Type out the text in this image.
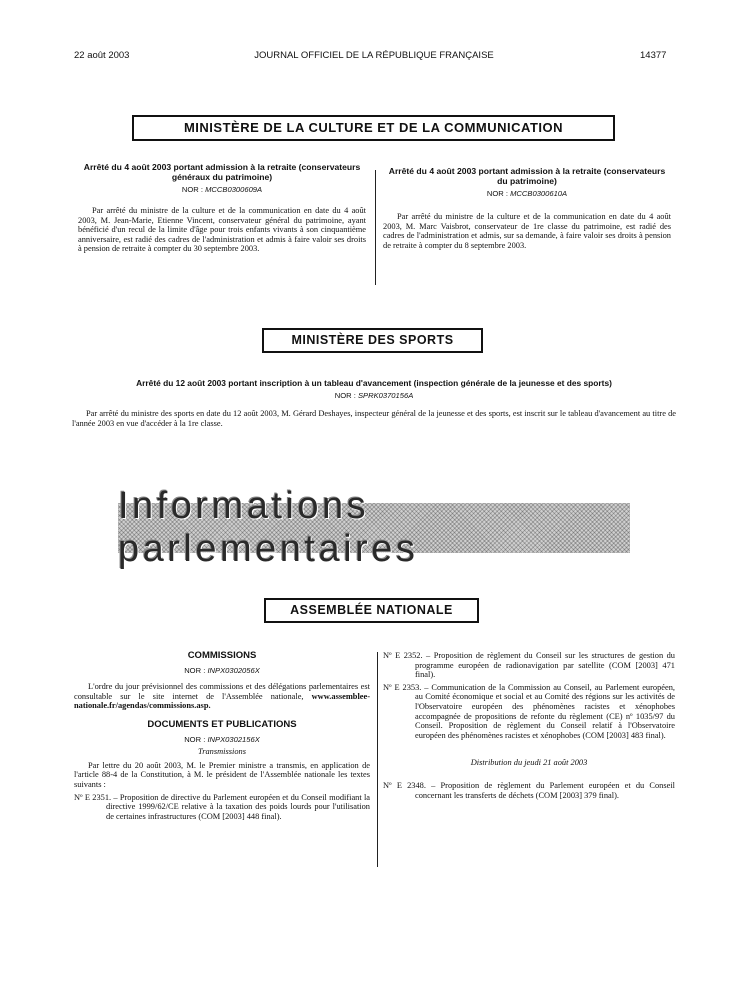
22 août 2003	JOURNAL OFFICIEL DE LA RÉPUBLIQUE FRANÇAISE	14377
MINISTÈRE DE LA CULTURE ET DE LA COMMUNICATION
Arrêté du 4 août 2003 portant admission à la retraite (conservateurs généraux du patrimoine)
NOR : MCCB0300609A
Par arrêté du ministre de la culture et de la communication en date du 4 août 2003, M. Jean-Marie, Etienne Vincent, conservateur général du patrimoine, ayant bénéficié d'un recul de la limite d'âge pour trois enfants vivants à son cinquantième anniversaire, est radié des cadres de l'administration et admis à faire valoir ses droits à pension de retraite à compter du 30 septembre 2003.
Arrêté du 4 août 2003 portant admission à la retraite (conservateurs du patrimoine)
NOR : MCCB0300610A
Par arrêté du ministre de la culture et de la communication en date du 4 août 2003, M. Marc Vaisbrot, conservateur de 1re classe du patrimoine, est radié des cadres de l'administration et admis, sur sa demande, à faire valoir ses droits à pension de retraite à compter du 8 septembre 2003.
MINISTÈRE DES SPORTS
Arrêté du 12 août 2003 portant inscription à un tableau d'avancement (inspection générale de la jeunesse et des sports)
NOR : SPRK0370156A
Par arrêté du ministre des sports en date du 12 août 2003, M. Gérard Deshayes, inspecteur général de la jeunesse et des sports, est inscrit sur le tableau d'avancement au titre de l'année 2003 en vue d'accéder à la 1re classe.
Informations parlementaires
ASSEMBLÉE NATIONALE
COMMISSIONS
NOR : INPX0302056X
L'ordre du jour prévisionnel des commissions et des délégations parlementaires est consultable sur le site internet de l'Assemblée nationale, www.assemblee-nationale.fr/agendas/commissions.asp.
DOCUMENTS ET PUBLICATIONS
NOR : INPX0302156X
Transmissions
Par lettre du 20 août 2003, M. le Premier ministre a transmis, en application de l'article 88-4 de la Constitution, à M. le président de l'Assemblée nationale les textes suivants :
Nº E 2351. – Proposition de directive du Parlement européen et du Conseil modifiant la directive 1999/62/CE relative à la taxation des poids lourds pour l'utilisation de certaines infrastructures (COM [2003] 448 final).
Nº E 2352. – Proposition de règlement du Conseil sur les structures de gestion du programme européen de radionavigation par satellite (COM [2003] 471 final).
Nº E 2353. – Communication de la Commission au Conseil, au Parlement européen, au Comité économique et social et au Comité des régions sur les activités de l'Observatoire européen des phénomènes racistes et xénophobes accompagnée de propositions de refonte du règlement (CE) nº 1035/97 du Conseil. Proposition de règlement du Conseil relatif à l'Observatoire européen des phénomènes racistes et xénophobes (COM [2003] 483 final).
Distribution du jeudi 21 août 2003
Nº E 2348. – Proposition de règlement du Parlement européen et du Conseil concernant les transferts de déchets (COM [2003] 379 final).
